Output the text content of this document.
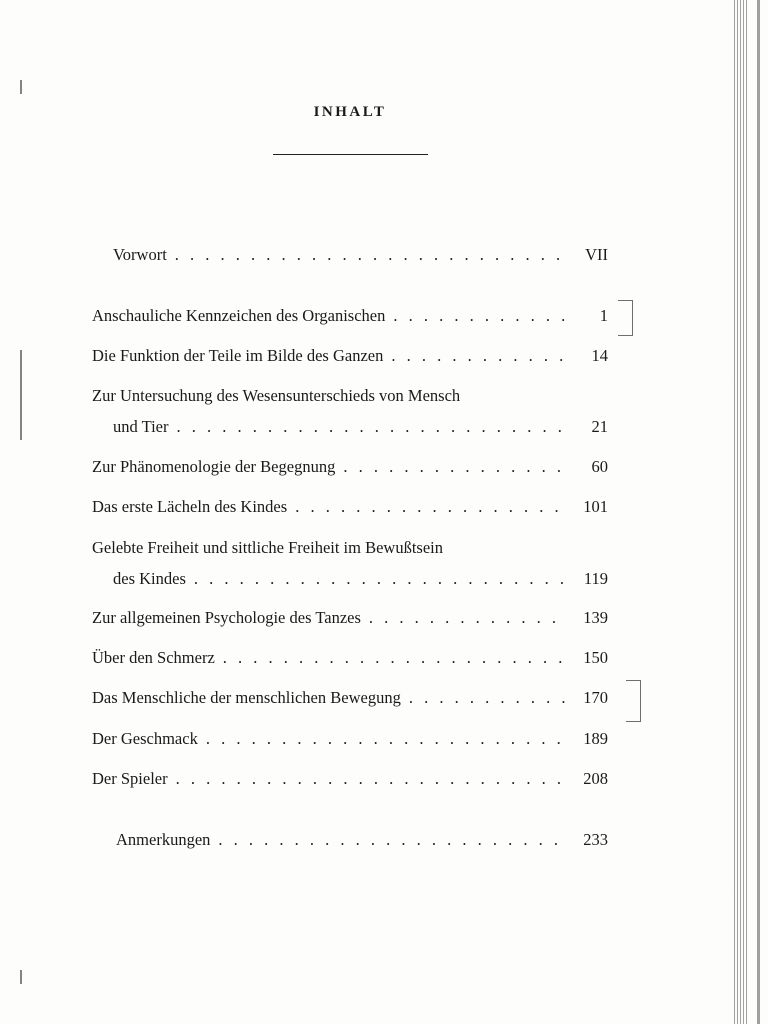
INHALT
Vorwort . . .	VII
Anschauliche Kennzeichen des Organischen . . .	1
Die Funktion der Teile im Bilde des Ganzen . . .	14
Zur Untersuchung des Wesensunterschieds von Mensch
und Tier . . .	21
Zur Phänomenologie der Begegnung . . .	60
Das erste Lächeln des Kindes . . .	101
Gelebte Freiheit und sittliche Freiheit im Bewußtsein
des Kindes . . .	119
Zur allgemeinen Psychologie des Tanzes . . .	139
Über den Schmerz . . .	150
Das Menschliche der menschlichen Bewegung . . .	170
Der Geschmack . . .	189
Der Spieler . . .	208
Anmerkungen . . .	233
